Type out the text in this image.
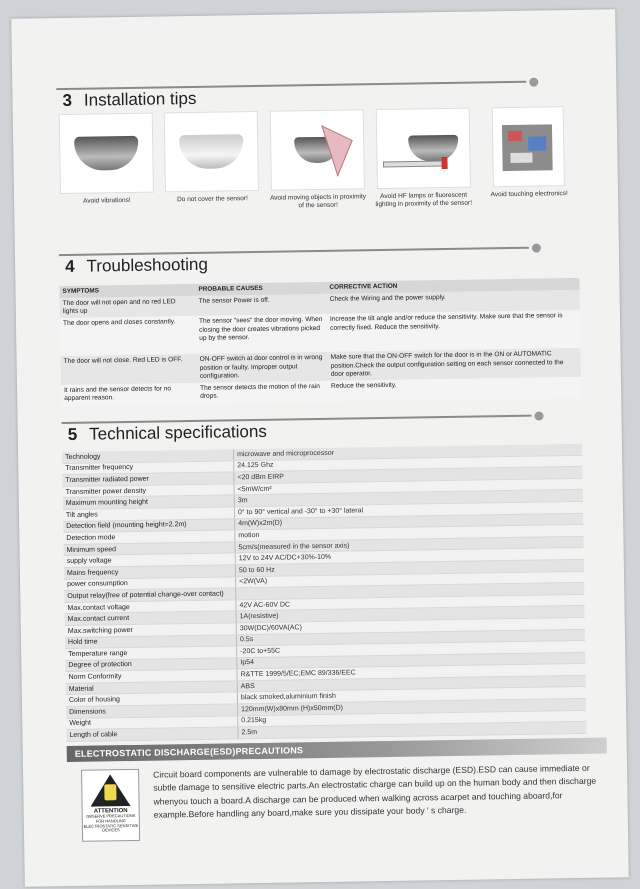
3 Installation tips
Avoid vibrations!	Do not cover the sensor!	Avoid moving objects in proximity of the sensor!
Avoid HF lamps or fluorescent lighting in proximity of the sensor!
Avoid touching electronics!
4 Troubleshooting
SYMPTOMS	PROBABLE CAUSES	CORRECTIVE ACTION
The door will not open and no red LED lights up	The sensor Power is off.	Check the Wiring and the power supply.
The door opens and closes constantly.	The sensor "sees" the door moving. When closing the door creates vibrations picked up by the sensor.	Increase the tilt angle and/or reduce the sensitivity. Make sure that the sensor is correctly fixed. Reduce the sensitivity.
The door will not close. Red LED is OFF.	ON-OFF switch at door control is in wrong position or faulty. Improper output configuration.	Make sure that the ON-OFF switch for the door is in the ON or AUTOMATIC position.Check the output configuration setting on each sensor connected to the door operator.
It rains and the sensor detects for no apparent reason.	The sensor detects the motion of the rain drops.	Reduce the sensitivity.
5 Technical specifications
Technology	microwave and microprocessor
Transmitter frequency	24.125 Ghz
Transmitter radiated power	<20 dBm EIRP
Transmitter power density	<5mW/cm²
Maximum mounting height	3m
Tilt angles	0° to 90° vertical and -30° to +30° lateral
Detection field (mounting height=2.2m)	4m(W)x2m(D)
Detection mode	motion
Minimum speed	5cm/s(measured in the sensor axis)
supply voltage	12V to 24V AC/DC+30%-10%
Mains frequency	50 to 60 Hz
power consumption	<2W(VA)
Output relay(free of potential change-over contact)	
Max.contact voltage	42V AC-60V DC
Max.contact current	1A(resistive)
Max.switching power	30W(DC)/60VA(AC)
Hold time	0.5s
Temperature range	-20C to+55C
Degree of protection	Ip54
Norm Conformity	R&TTE 1999/5/EC;EMC 89/336/EEC
Material	ABS
Color of housing	black smoked,aluminium finish
Dimensions	120mm(W)x80mm (H)x50mm(D)
Weight	0.215kg
Length of cable	2.5m
ELECTROSTATIC DISCHARGE(ESD)PRECAUTIONS
ATTENTION
OBSERVE PRECAUTIONS FOR HANDLING ELECTROSTATIC SENSITIVE DEVICES
Circuit board components are vulnerable to damage by electrostatic discharge (ESD).ESD can cause immediate or subtle damage to sensitive electric parts.An electrostatic charge can build up on the human body and then discharge whenyou touch a board.A discharge can be produced when walking across acarpet and touching aboard,for example.Before handling any board,make sure you dissipate your body ' s charge.
